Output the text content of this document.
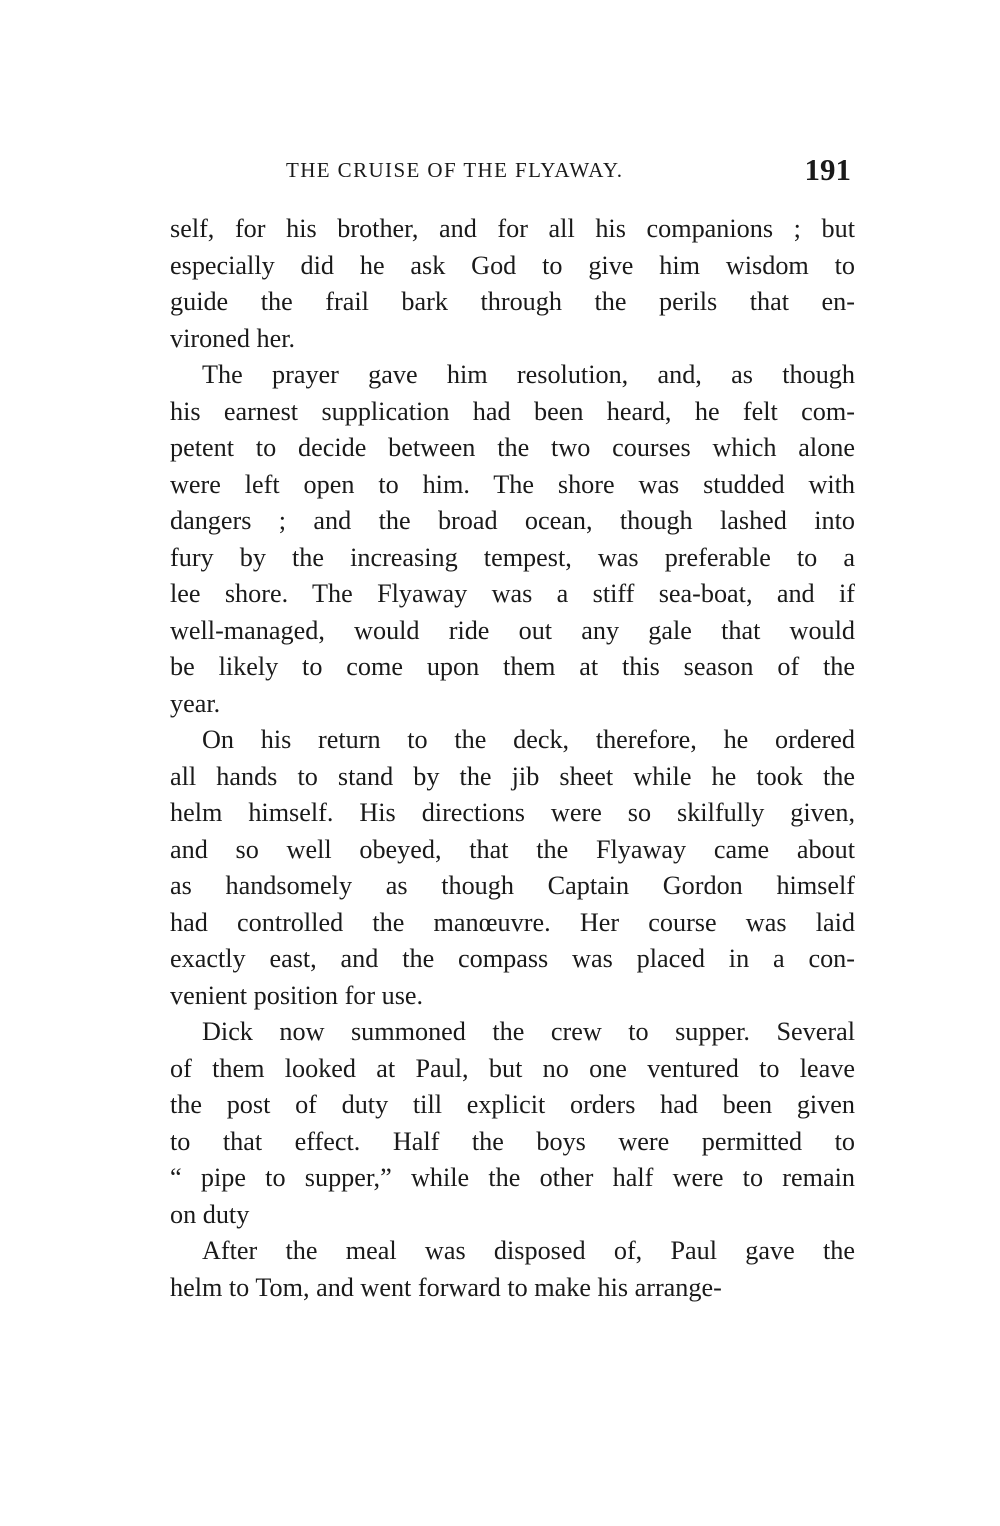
THE CRUISE OF THE FLYAWAY.	191
self, for his brother, and for all his companions ; but
especially did he ask God to give him wisdom to
guide the frail bark through the perils that en-
vironed her.
The prayer gave him resolution, and, as though
his earnest supplication had been heard, he felt com-
petent to decide between the two courses which alone
were left open to him. The shore was studded with
dangers ; and the broad ocean, though lashed into
fury by the increasing tempest, was preferable to a
lee shore. The Flyaway was a stiff sea-boat, and if
well-managed, would ride out any gale that would
be likely to come upon them at this season of the
year.
On his return to the deck, therefore, he ordered
all hands to stand by the jib sheet while he took the
helm himself. His directions were so skilfully given,
and so well obeyed, that the Flyaway came about
as handsomely as though Captain Gordon himself
had controlled the manœuvre. Her course was laid
exactly east, and the compass was placed in a con-
venient position for use.
Dick now summoned the crew to supper. Several
of them looked at Paul, but no one ventured to leave
the post of duty till explicit orders had been given
to that effect. Half the boys were permitted to
“ pipe to supper,” while the other half were to remain
on duty
After the meal was disposed of, Paul gave the
helm to Tom, and went forward to make his arrange-
